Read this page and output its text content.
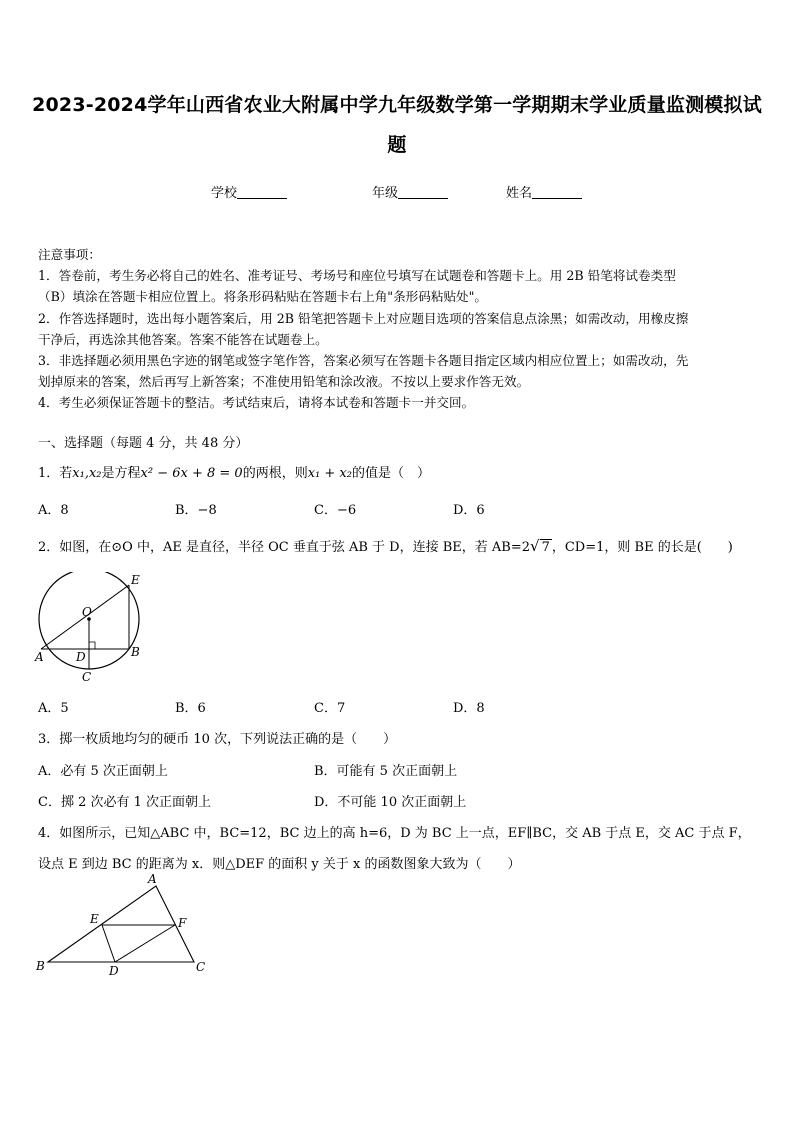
2023-2024学年山西省农业大附属中学九年级数学第一学期期末学业质量监测模拟试
题
学校	年级	姓名

注意事项：

1．答卷前，考生务必将自己的姓名、准考证号、考场号和座位号填写在试题卷和答题卡上。用 2B 铅笔将试卷类型

（B）填涂在答题卡相应位置上。将条形码粘贴在答题卡右上角"条形码粘贴处"。

2．作答选择题时，选出每小题答案后，用 2B 铅笔把答题卡上对应题目选项的答案信息点涂黑；如需改动，用橡皮擦

干净后，再选涂其他答案。答案不能答在试题卷上。

3．非选择题必须用黑色字迹的钢笔或签字笔作答，答案必须写在答题卡各题目指定区域内相应位置上；如需改动，先

划掉原来的答案，然后再写上新答案；不准使用铅笔和涂改液。不按以上要求作答无效。

4．考生必须保证答题卡的整洁。考试结束后，请将本试卷和答题卡一并交回。

一、选择题（每题 4 分，共 48 分）
1．若x₁,x₂是方程x² − 6x + 8 = 0的两根，则x₁ + x₂的值是（　）
A．8	B．−8	C．−6	D．6
2．如图，在⊙O 中，AE 是直径，半径 OC 垂直于弦 AB 于 D，连接 BE，若 AB=2√ 7 ，CD=1，则 BE 的长是(　　)
E
O
A	D	B
C
A．5	B．6	C．7	D．8
3．掷一枚质地均匀的硬币 10 次，下列说法正确的是（　　）
A．必有 5 次正面朝上	B．可能有 5 次正面朝上
C．掷 2 次必有 1 次正面朝上	D．不可能 10 次正面朝上
4．如图所示，已知△ABC 中，BC=12，BC 边上的高 h=6，D 为 BC 上一点，EF∥BC，交 AB 于点 E，交 AC 于点 F，
设点 E 到边 BC 的距离为 x．则△DEF 的面积 y 关于 x 的函数图象大致为（　　）
A
E	F
B	D	C
